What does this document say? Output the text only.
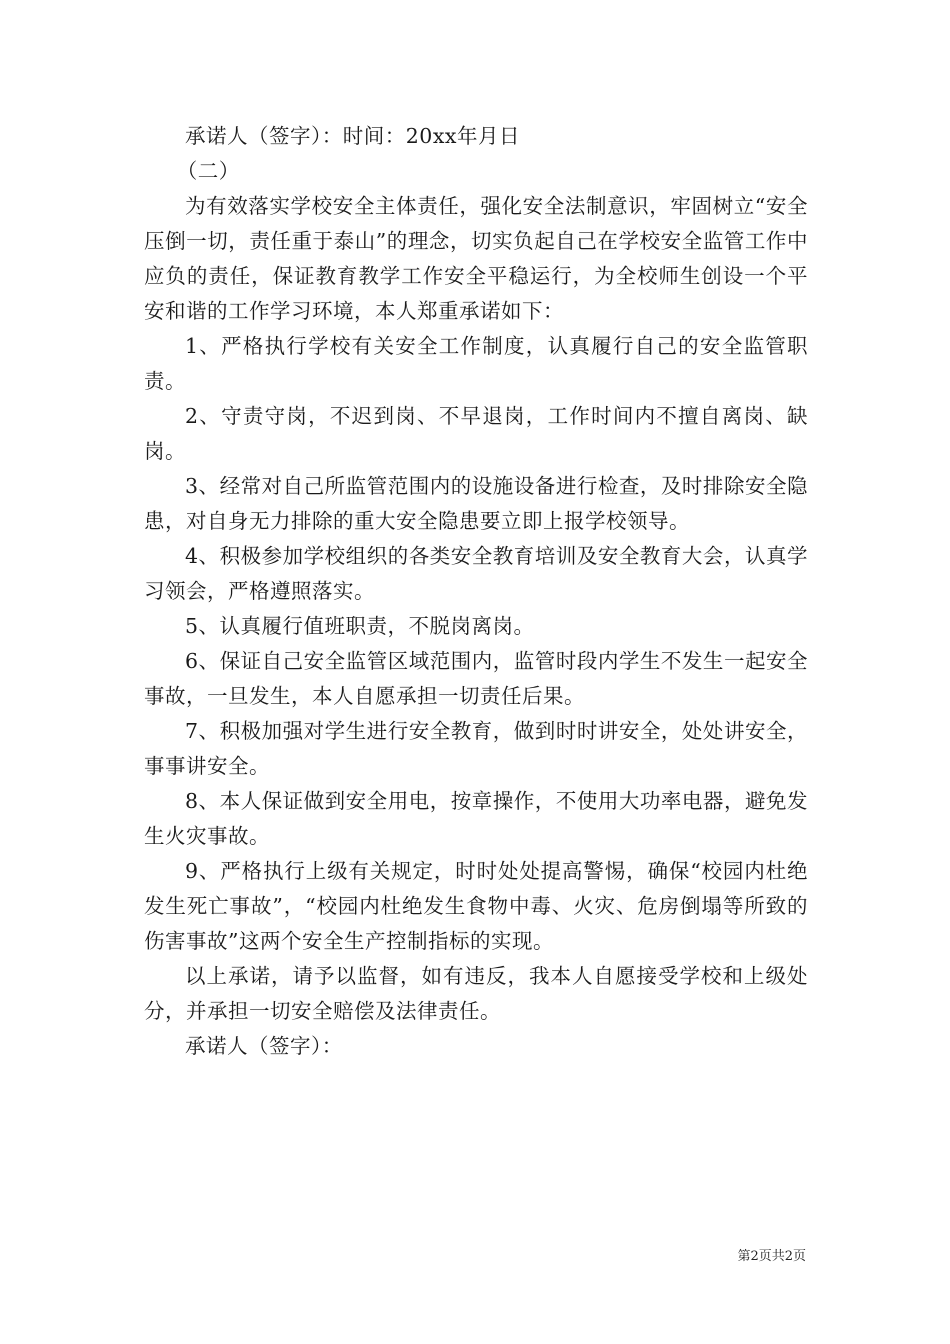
承诺人（签字）：时间：20xx年月日

（二）

为有效落实学校安全主体责任，强化安全法制意识，牢固树立“安全压倒一切，责任重于泰山”的理念，切实负起自己在学校安全监管工作中应负的责任，保证教育教学工作安全平稳运行，为全校师生创设一个平安和谐的工作学习环境，本人郑重承诺如下：

1、严格执行学校有关安全工作制度，认真履行自己的安全监管职责。

2、守责守岗，不迟到岗、不早退岗，工作时间内不擅自离岗、缺岗。

3、经常对自己所监管范围内的设施设备进行检查，及时排除安全隐患，对自身无力排除的重大安全隐患要立即上报学校领导。

4、积极参加学校组织的各类安全教育培训及安全教育大会，认真学习领会，严格遵照落实。

5、认真履行值班职责，不脱岗离岗。

6、保证自己安全监管区域范围内，监管时段内学生不发生一起安全事故，一旦发生，本人自愿承担一切责任后果。

7、积极加强对学生进行安全教育，做到时时讲安全，处处讲安全，事事讲安全。

8、本人保证做到安全用电，按章操作，不使用大功率电器，避免发生火灾事故。

9、严格执行上级有关规定，时时处处提高警惕，确保“校园内杜绝发生死亡事故”，“校园内杜绝发生食物中毒、火灾、危房倒塌等所致的伤害事故”这两个安全生产控制指标的实现。

以上承诺，请予以监督，如有违反，我本人自愿接受学校和上级处分，并承担一切安全赔偿及法律责任。

承诺人（签字）：

第2页共2页
